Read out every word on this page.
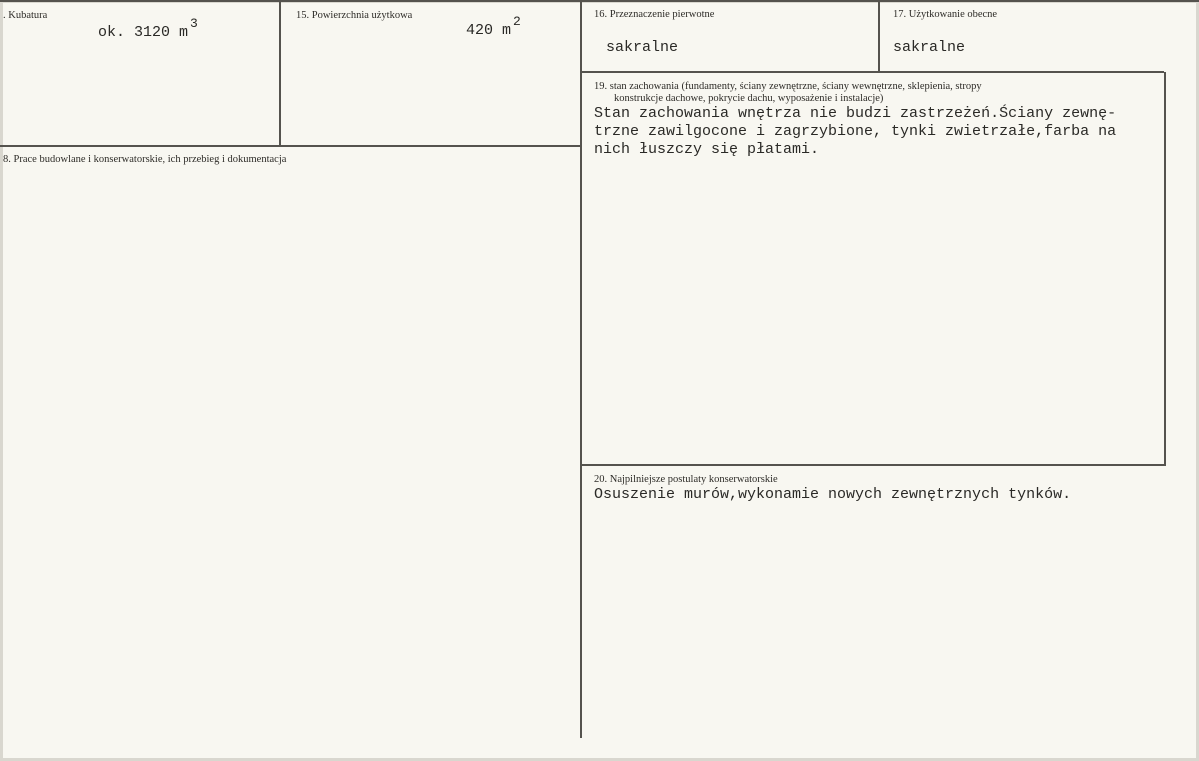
. Kubatura
ok. 3120 m3
15. Powierzchnia użytkowa
420 m2	16. Przeznaczenie pierwotne
sakralne
17. Użytkowanie obecne
sakralne
8. Prace budowlane i konserwatorskie, ich przebieg i dokumentacja
19. stan zachowania (fundamenty, ściany zewnętrzne, ściany wewnętrzne, sklepienia, stropy
konstrukcje dachowe, pokrycie dachu, wyposażenie i instalacje)
Stan zachowania wnętrza nie budzi zastrzeżeń.Ściany zewnę-
trzne zawilgocone i zagrzybione, tynki zwietrzałe,farba na
nich łuszczy się płatami.
20. Najpilniejsze postulaty konserwatorskie
Osuszenie murów,wykonamie nowych zewnętrznych tynków.
